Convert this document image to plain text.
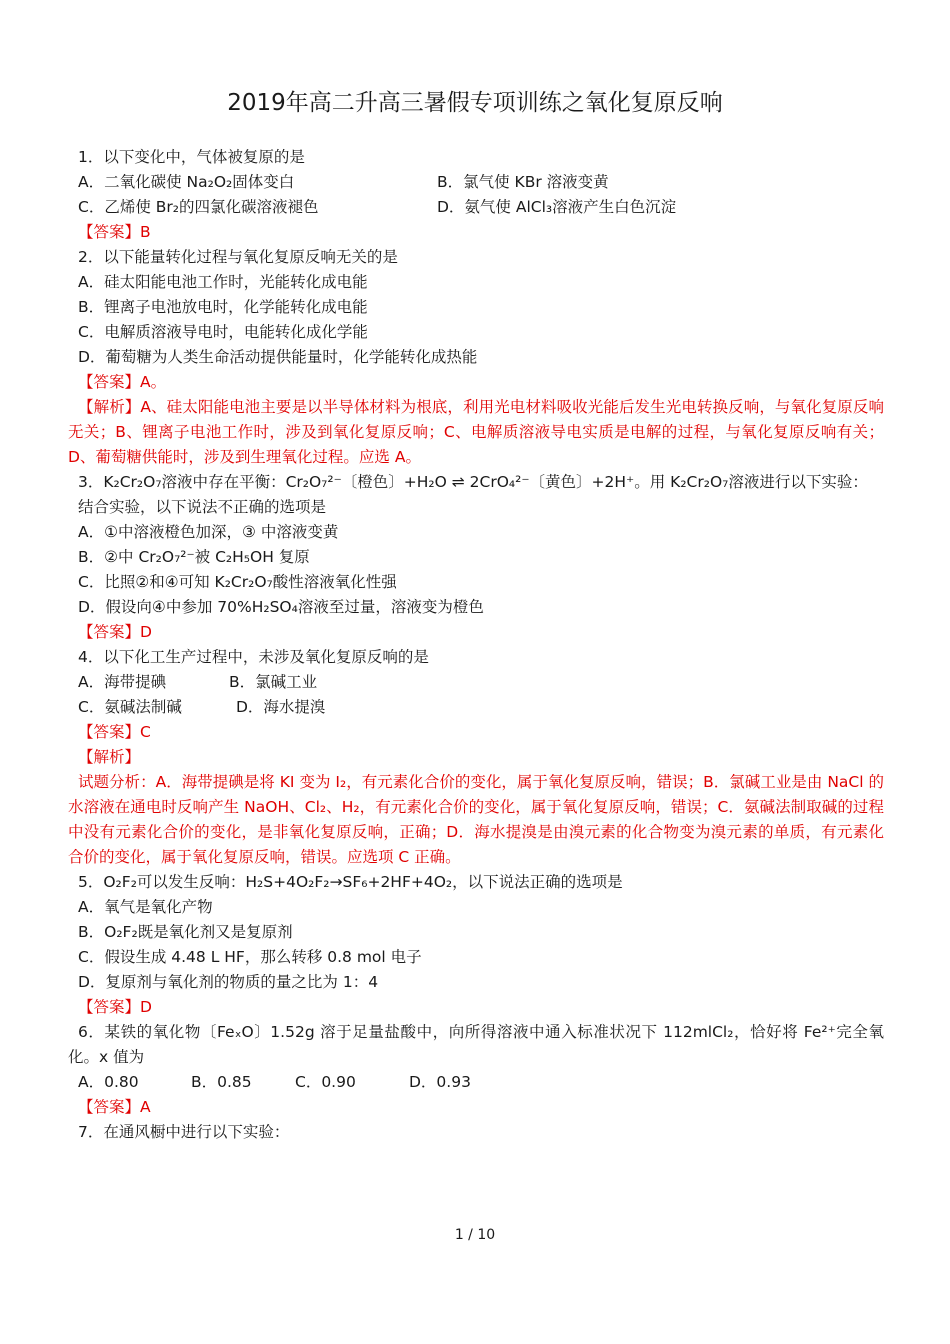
2019年高二升高三暑假专项训练之氧化复原反响
1．以下变化中，气体被复原的是
A．二氧化碳使 Na₂O₂固体变白	B．氯气使 KBr 溶液变黄
C．乙烯使 Br₂的四氯化碳溶液褪色	D．氨气使 AlCl₃溶液产生白色沉淀
【答案】B
2．以下能量转化过程与氧化复原反响无关的是
A．硅太阳能电池工作时，光能转化成电能
B．锂离子电池放电时，化学能转化成电能
C．电解质溶液导电时，电能转化成化学能
D．葡萄糖为人类生命活动提供能量时，化学能转化成热能
【答案】A。
【解析】A、硅太阳能电池主要是以半导体材料为根底，利用光电材料吸收光能后发生光电转换反响，与氧化复原反响无关；B、锂离子电池工作时，涉及到氧化复原反响；C、电解质溶液导电实质是电解的过程，与氧化复原反响有关；D、葡萄糖供能时，涉及到生理氧化过程。应选 A。
3．K₂Cr₂O₇溶液中存在平衡：Cr₂O₇²⁻〔橙色〕+H₂O ⇌ 2CrO₄²⁻〔黄色〕+2H⁺。用 K₂Cr₂O₇溶液进行以下实验：
结合实验，以下说法不正确的选项是
A．①中溶液橙色加深，③ 中溶液变黄
B．②中 Cr₂O₇²⁻被 C₂H₅OH 复原
C．比照②和④可知 K₂Cr₂O₇酸性溶液氧化性强
D．假设向④中参加 70%H₂SO₄溶液至过量，溶液变为橙色
【答案】D
4．以下化工生产过程中，未涉及氧化复原反响的是
A．海带提碘	B．氯碱工业
C．氨碱法制碱	D．海水提溴
【答案】C
【解析】
试题分析：A．海带提碘是将 KI 变为 I₂，有元素化合价的变化，属于氧化复原反响，错误；B．氯碱工业是由 NaCl 的水溶液在通电时反响产生 NaOH、Cl₂、H₂，有元素化合价的变化，属于氧化复原反响，错误；C．氨碱法制取碱的过程中没有元素化合价的变化，是非氧化复原反响，正确；D．海水提溴是由溴元素的化合物变为溴元素的单质，有元素化合价的变化，属于氧化复原反响，错误。应选项 C 正确。
5．O₂F₂可以发生反响：H₂S+4O₂F₂→SF₆+2HF+4O₂，以下说法正确的选项是
A．氧气是氧化产物
B．O₂F₂既是氧化剂又是复原剂
C．假设生成 4.48 L HF，那么转移 0.8 mol 电子
D．复原剂与氧化剂的物质的量之比为 1：4
【答案】D
6．某铁的氧化物〔FeₓO〕1.52g 溶于足量盐酸中，向所得溶液中通入标准状况下 112mlCl₂，恰好将 Fe²⁺完全氧化。x 值为
A．0.80	B．0.85	C．0.90	D．0.93
【答案】A
7．在通风橱中进行以下实验：
1 / 10
